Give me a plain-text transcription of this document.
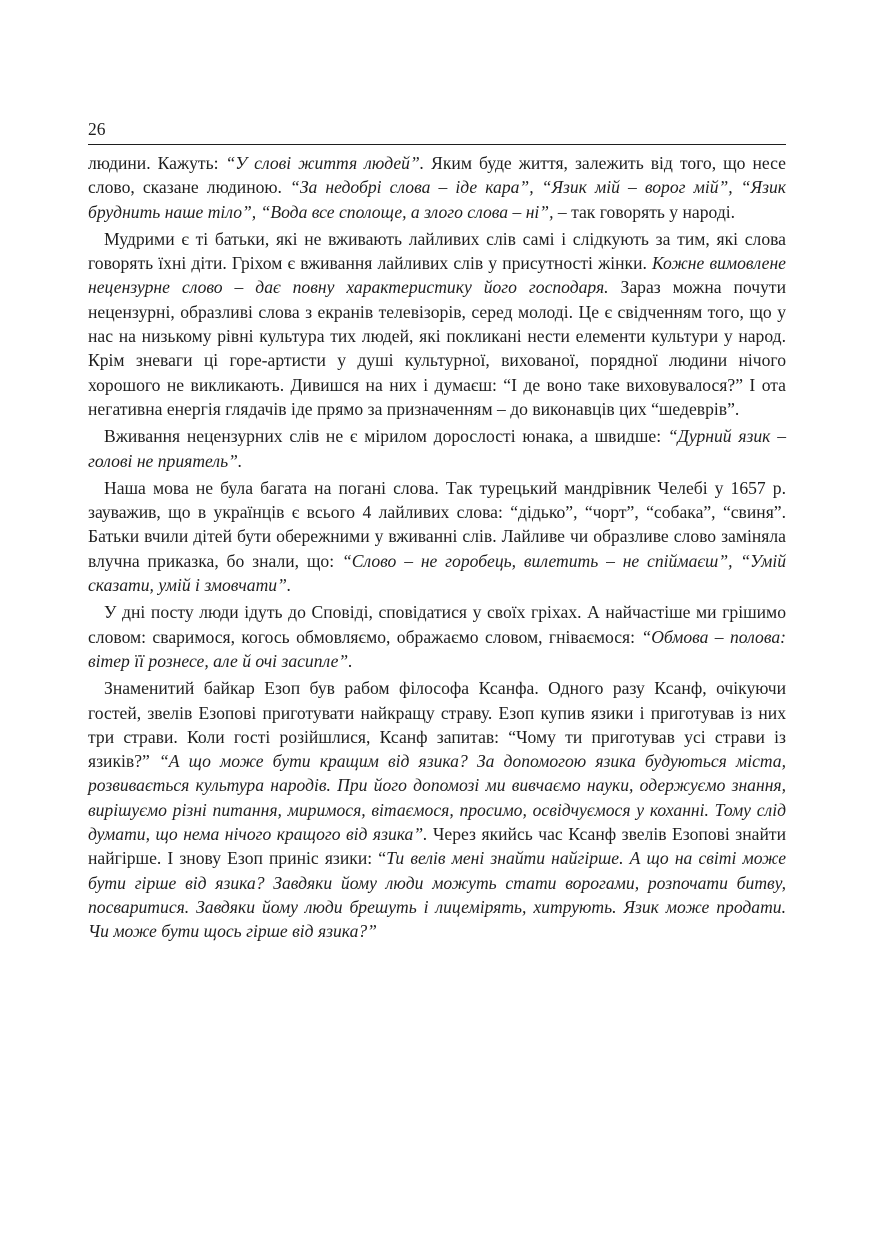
26

людини. Кажуть: “У слові життя людей”. Яким буде життя, залежить від того, що несе слово, сказане людиною. “За недобрі слова – іде кара”, “Язик мій – ворог мій”, “Язик бруднить наше тіло”, “Вода все сполоще, а злого слова – ні”, – так говорять у народі.

Мудрими є ті батьки, які не вживають лайливих слів самі і слідкують за тим, які слова говорять їхні діти. Гріхом є вживання лайливих слів у присутності жінки. Кожне вимовлене нецензурне слово – дає повну характеристику його господаря. Зараз можна почути нецензурні, образливі слова з екранів телевізорів, серед молоді. Це є свідченням того, що у нас на низькому рівні культура тих людей, які покликані нести елементи культури у народ. Крім зневаги ці горе-артисти у душі культурної, вихованої, порядної людини нічого хорошого не викликають. Дивишся на них і думаєш: “І де воно таке виховувалося?” І ота негативна енергія глядачів іде прямо за призначенням – до виконавців цих “шедеврів”.

Вживання нецензурних слів не є мірилом дорослості юнака, а швидше: “Дурний язик – голові не приятель”.

Наша мова не була багата на погані слова. Так турецький мандрівник Челебі у 1657 р. зауважив, що в українців є всього 4 лайливих слова: “дідько”, “чорт”, “собака”, “свиня”. Батьки вчили дітей бути обережними у вживанні слів. Лайливе чи образливе слово заміняла влучна приказка, бо знали, що: “Слово – не горобець, вилетить – не спіймаєш”, “Умій сказати, умій і змовчати”.

У дні посту люди ідуть до Сповіді, сповідатися у своїх гріхах. А найчастіше ми грішимо словом: сваримося, когось обмовляємо, ображаємо словом, гніваємося: “Обмова – полова: вітер її рознесе, але й очі засипле”.

Знаменитий байкар Езоп був рабом філософа Ксанфа. Одного разу Ксанф, очікуючи гостей, звелів Езопові приготувати найкращу страву. Езоп купив язики і приготував із них три страви. Коли гості розійшлися, Ксанф запитав: “Чому ти приготував усі страви із язиків?” “А що може бути кращим від язика? За допомогою язика будуються міста, розвивається культура народів. При його допомозі ми вивчаємо науки, одержуємо знання, вирішуємо різні питання, миримося, вітаємося, просимо, освідчуємося у коханні. Тому слід думати, що нема нічого кращого від язика”. Через якийсь час Ксанф звелів Езопові знайти найгірше. І знову Езоп приніс язики: “Ти велів мені знайти найгірше. А що на світі може бути гірше від язика? Завдяки йому люди можуть стати ворогами, розпочати битву, посваритися. Завдяки йому люди брешуть і лицемірять, хитрують. Язик може продати. Чи може бути щось гірше від язика?”
